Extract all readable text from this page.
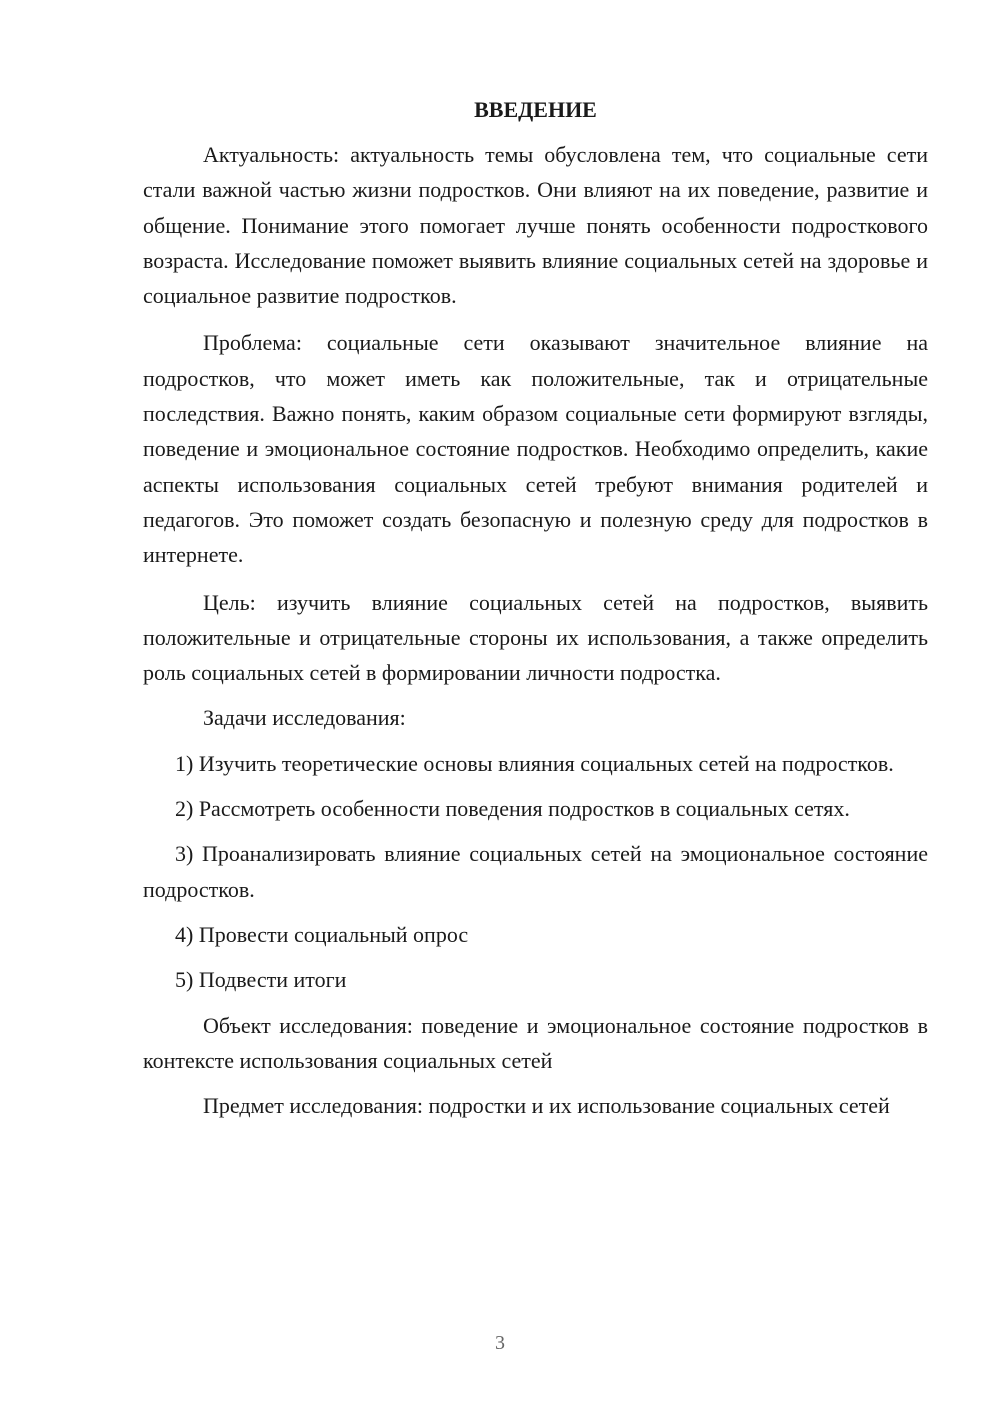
ВВЕДЕНИЕ

Актуальность: актуальность темы обусловлена тем, что социальные сети стали важной частью жизни подростков. Они влияют на их поведение, развитие и общение. Понимание этого помогает лучше понять особенности подросткового возраста. Исследование поможет выявить влияние социальных сетей на здоровье и социальное развитие подростков.

Проблема: социальные сети оказывают значительное влияние на подростков, что может иметь как положительные, так и отрицательные последствия. Важно понять, каким образом социальные сети формируют взгляды, поведение и эмоциональное состояние подростков. Необходимо определить, какие аспекты использования социальных сетей требуют внимания родителей и педагогов. Это поможет создать безопасную и полезную среду для подростков в интернете.

Цель: изучить влияние социальных сетей на подростков, выявить положительные и отрицательные стороны их использования, а также определить роль социальных сетей в формировании личности подростка.

Задачи исследования:

1) Изучить теоретические основы влияния социальных сетей на подростков.

2) Рассмотреть особенности поведения подростков в социальных сетях.

3) Проанализировать влияние социальных сетей на эмоциональное состояние подростков.

4) Провести социальный опрос

5) Подвести итоги

Объект исследования: поведение и эмоциональное состояние подростков в контексте использования социальных сетей

Предмет исследования: подростки и их использование социальных сетей

3
